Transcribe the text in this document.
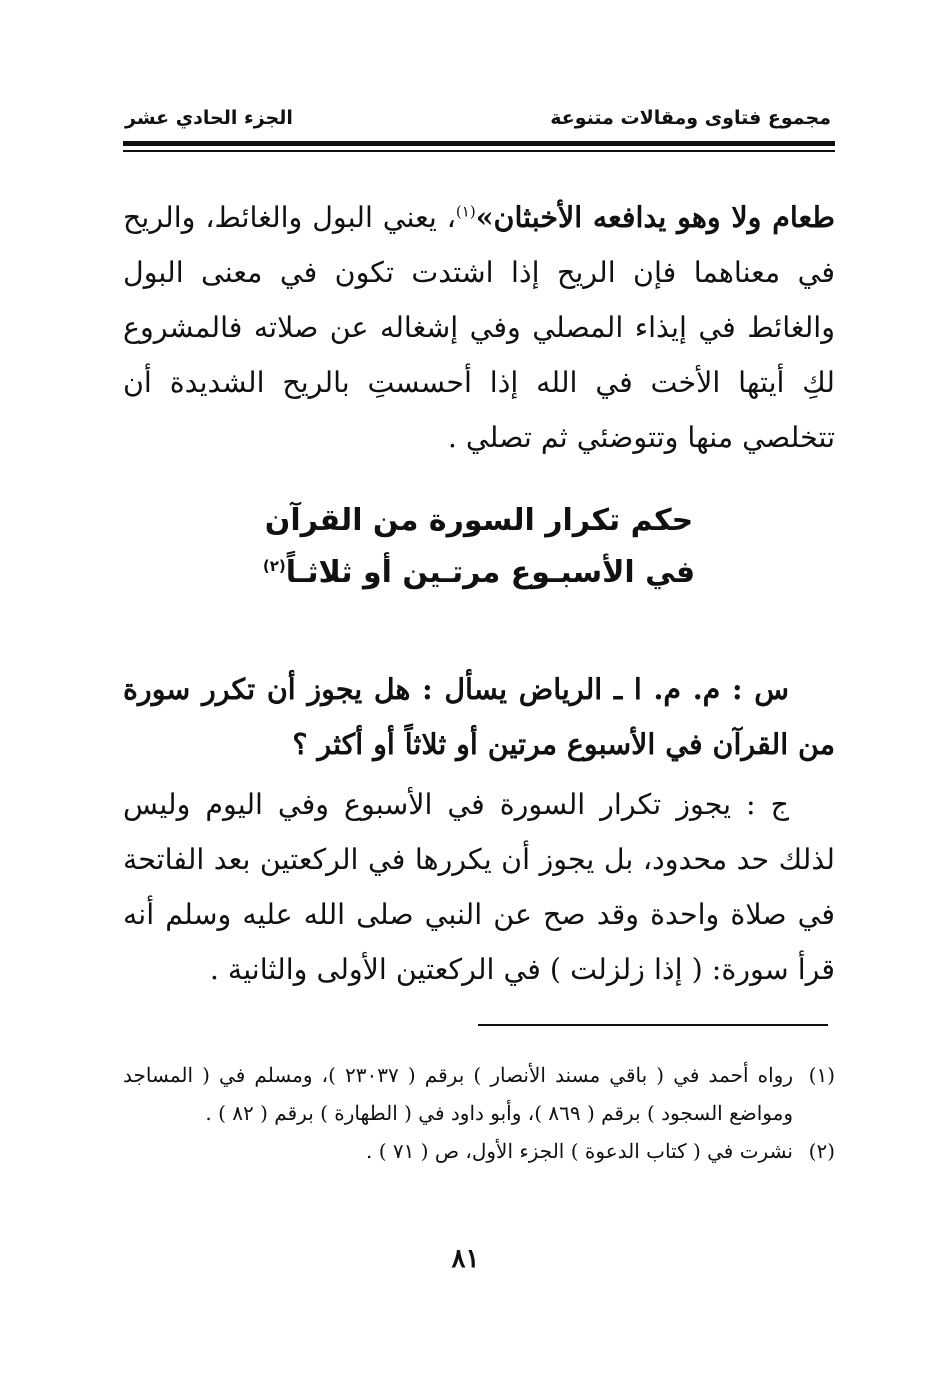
مجموع فتاوى ومقالات متنوعة
الجزء الحادي عشر
طعام ولا وهو يدافعه الأخبثان»$^{(١)}$، يعني البول والغائط، والريح في معناهما فإن الريح إذا اشتدت تكون في معنى البول والغائط في إيذاء المصلي وفي إشغاله عن صلاته فالمشروع لكِ أيتها الأخت في الله إذا أحسستِ بالريح الشديدة أن تتخلصي منها وتتوضئي ثم تصلي .
حكم تكرار السورة من القرآن
في الأسبـوع مرتـين أو ثلاثـاً$^{(٢)}$
س : م. م. ا ـ الرياض يسأل : هل يجوز أن تكرر سورة من القرآن في الأسبوع مرتين أو ثلاثاً أو أكثر ؟
ج : يجوز تكرار السورة في الأسبوع وفي اليوم وليس لذلك حد محدود، بل يجوز أن يكررها في الركعتين بعد الفاتحة في صلاة واحدة وقد صح عن النبي صلى الله عليه وسلم أنه قرأ سورة: ( إذا زلزلت ) في الركعتين الأولى والثانية .
(١)
رواه أحمد في ( باقي مسند الأنصار ) برقم ( ٢٣٠٣٧ )، ومسلم في ( المساجد ومواضع السجود ) برقم ( ٨٦٩ )، وأبو داود في ( الطهارة ) برقم ( ٨٢ ) .
(٢)
نشرت في ( كتاب الدعوة ) الجزء الأول، ص ( ٧١ ) .
٨١
